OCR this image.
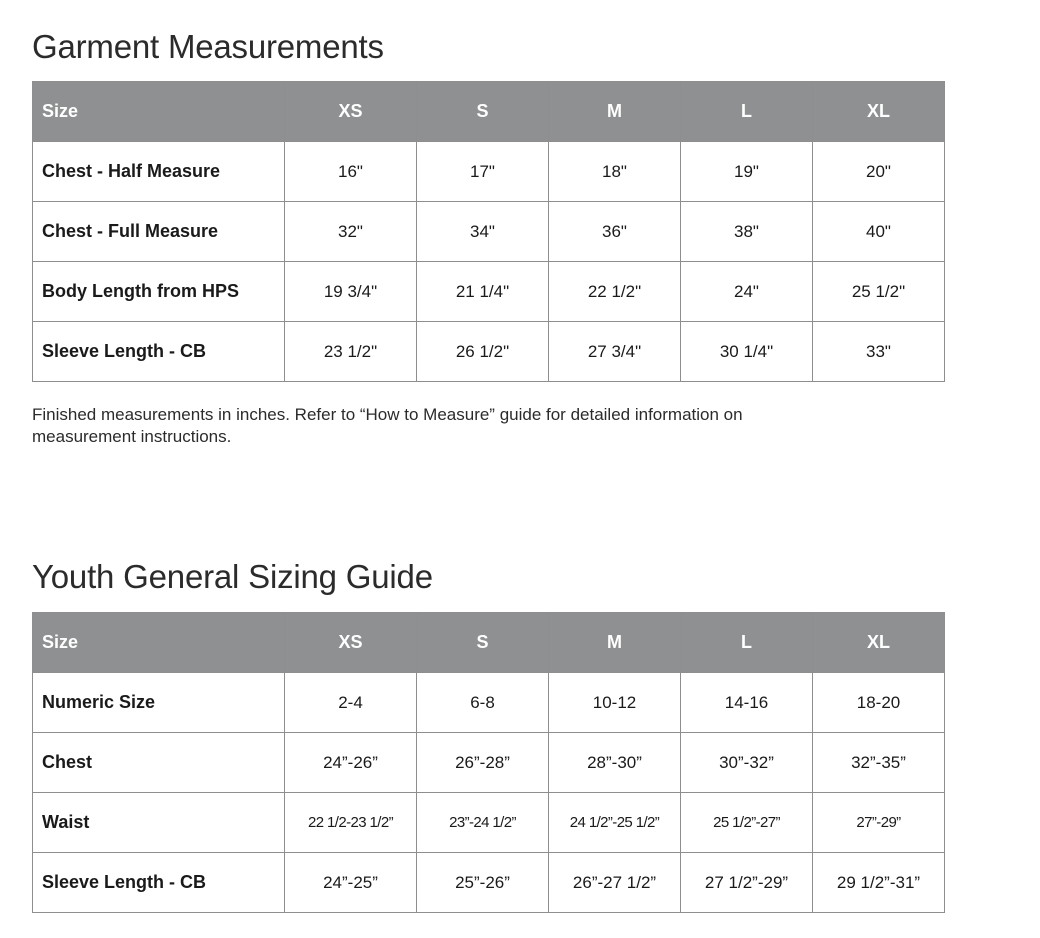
Garment Measurements
Size	XS	S	M	L	XL
Chest - Half Measure	16"	17"	18"	19"	20"
Chest - Full Measure	32"	34"	36"	38"	40"
Body Length from HPS	19 3/4"	21 1/4"	22 1/2"	24"	25 1/2"
Sleeve Length - CB	23 1/2"	26 1/2"	27 3/4"	30 1/4"	33"

Finished measurements in inches. Refer to “How to Measure” guide for detailed information on
measurement instructions.

Youth General Sizing Guide
Size	XS	S	M	L	XL
Numeric Size	2-4	6-8	10-12	14-16	18-20
Chest	24”-26”	26”-28”	28”-30”	30”-32”	32”-35”
Waist	22 1/2-23 1/2”	23”-24 1/2”	24 1/2”-25 1/2”	25 1/2”-27”	27”-29”
Sleeve Length - CB	24”-25”	25”-26”	26”-27 1/2”	27 1/2”-29”	29 1/2”-31”
